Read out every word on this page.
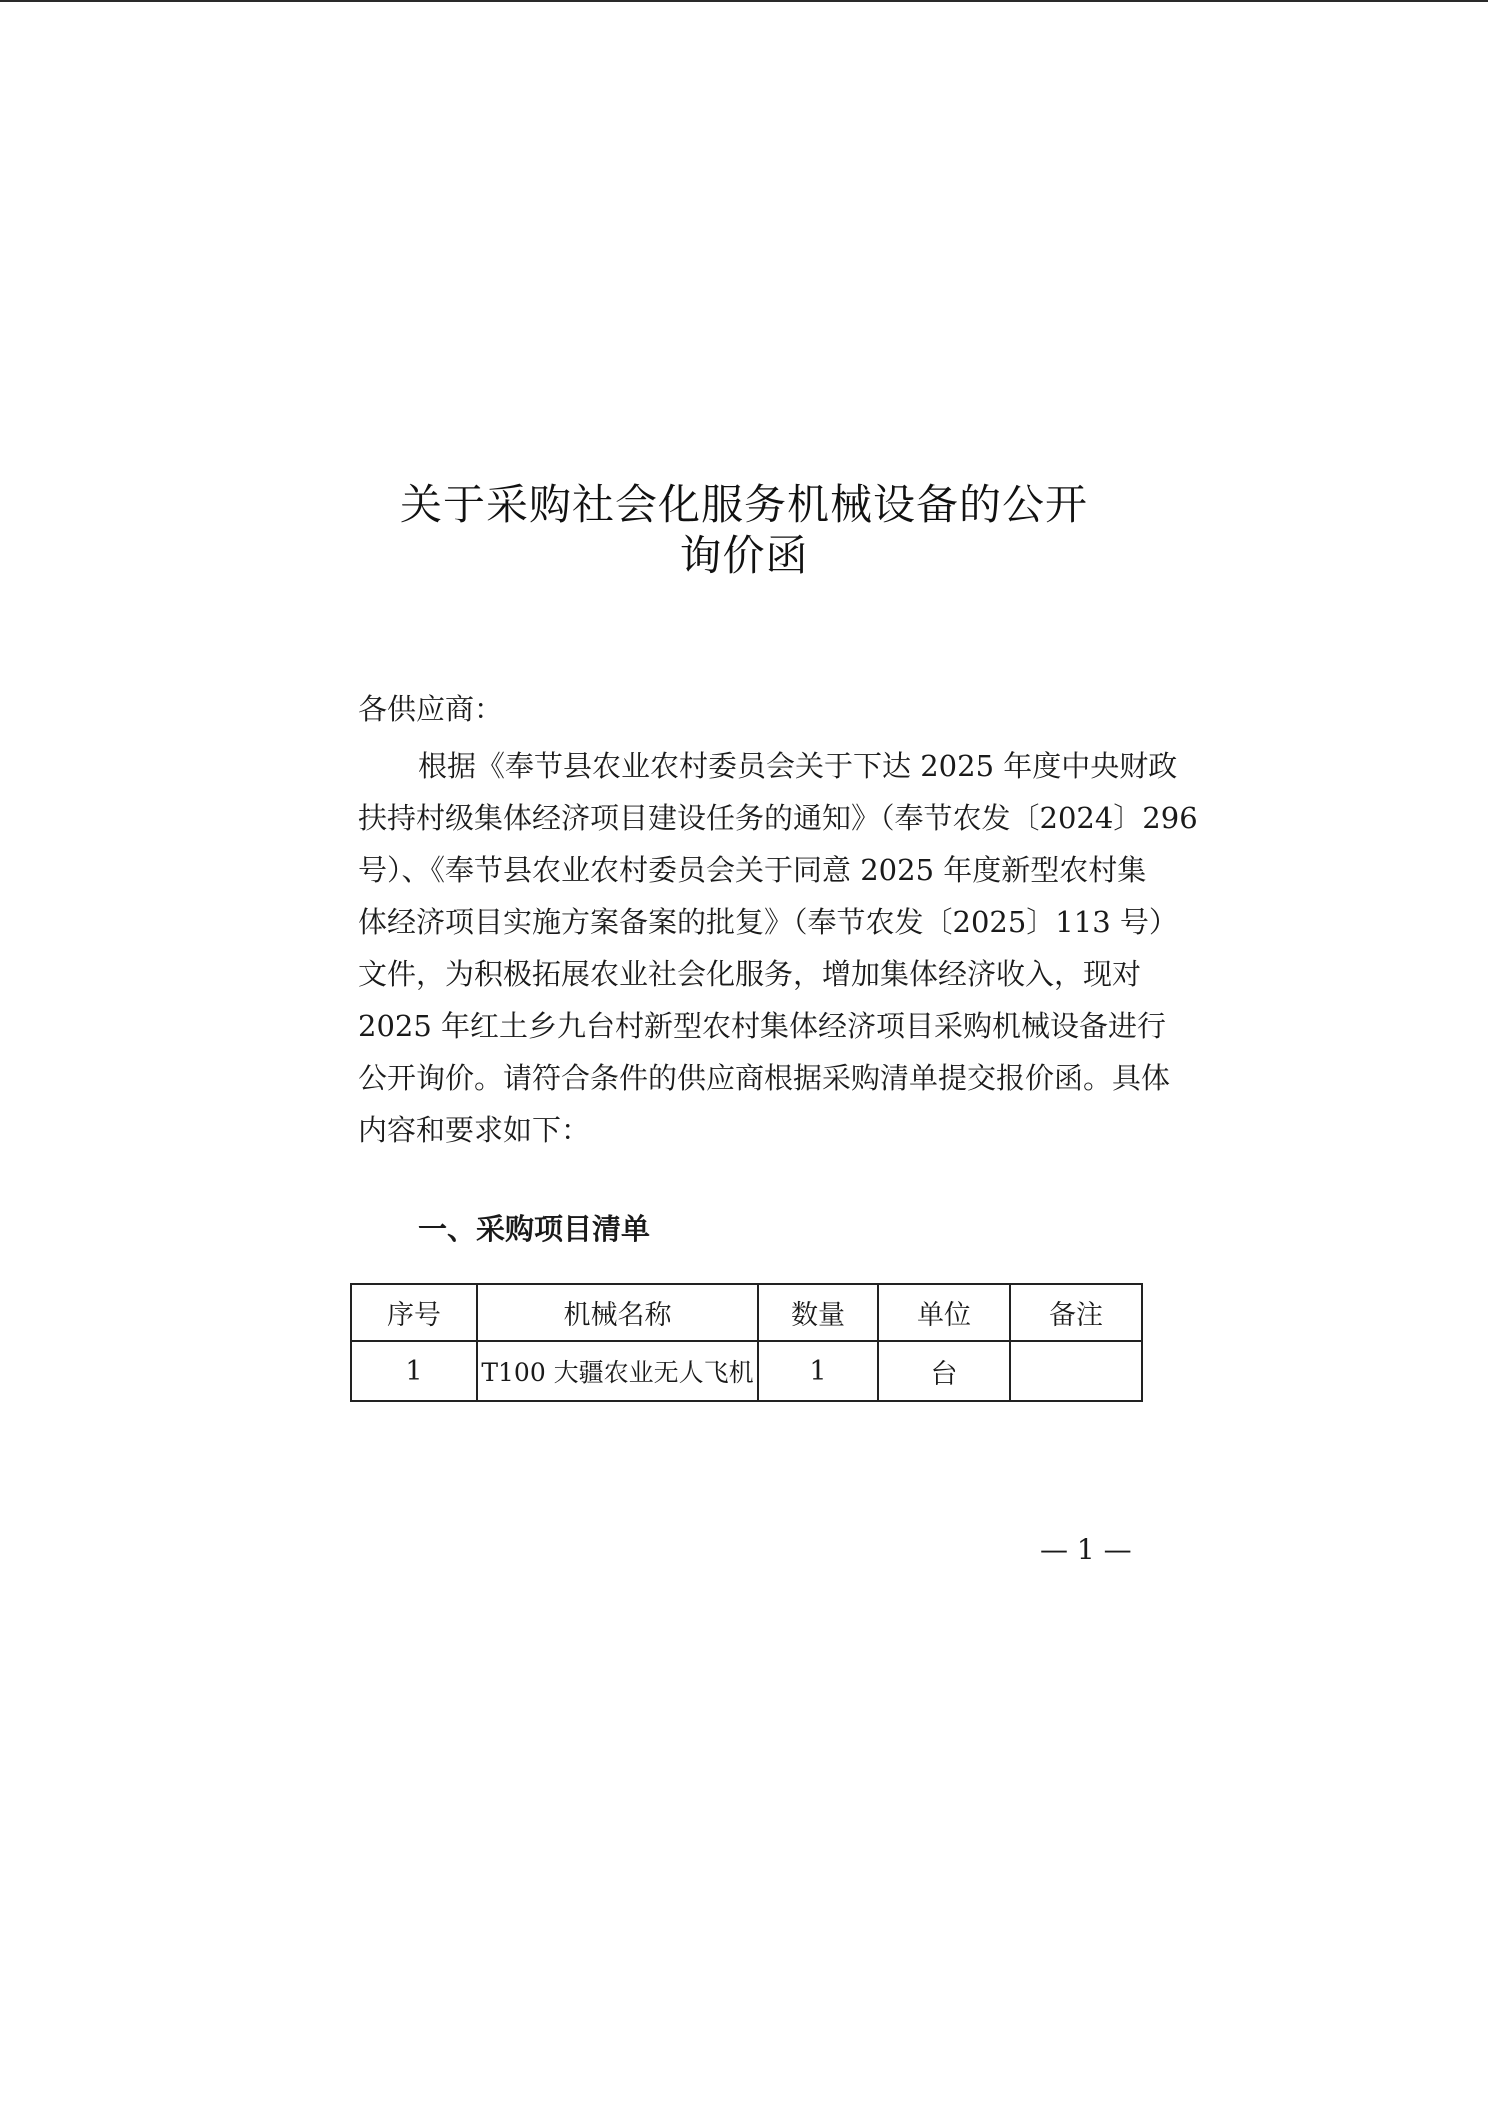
关于采购社会化服务机械设备的公开
询价函
各供应商：
根据《奉节县农业农村委员会关于下达 2025 年度中央财政
扶持村级集体经济项目建设任务的通知》（奉节农发〔2024〕296
号）、《奉节县农业农村委员会关于同意 2025 年度新型农村集
体经济项目实施方案备案的批复》（奉节农发〔2025〕113 号）
文件，为积极拓展农业社会化服务，增加集体经济收入，现对
2025 年红土乡九台村新型农村集体经济项目采购机械设备进行
公开询价。请符合条件的供应商根据采购清单提交报价函。具体
内容和要求如下：
一、采购项目清单
序号	机械名称	数量	单位	备注
1	T100 大疆农业无人飞机	1	台	
— 1 —
